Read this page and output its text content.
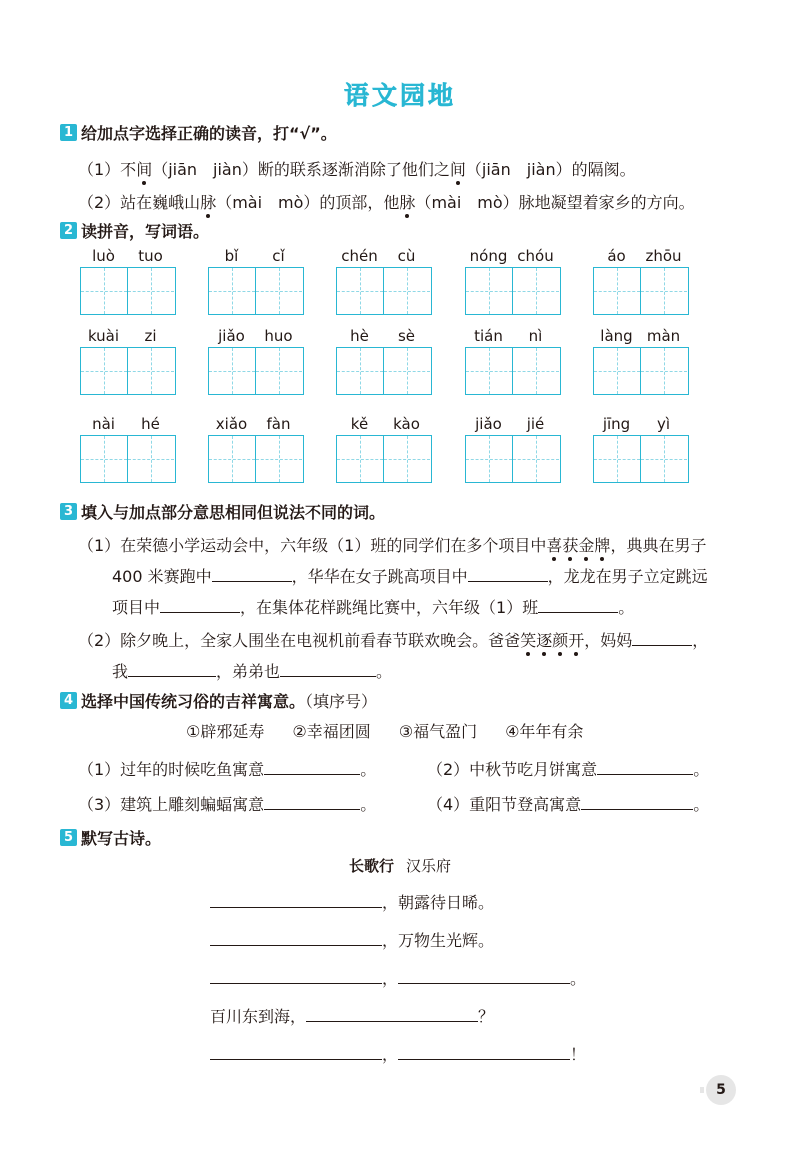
语文园地
1 给加点字选择正确的读音，打“√”。
（1）不间（jiān　jiàn）断的联系逐渐消除了他们之间（jiān　jiàn）的隔阂。
（2）站在巍峨山脉（mài　mò）的顶部，他脉（mài　mò）脉地凝望着家乡的方向。
2 读拼音，写词语。
luò	tuo	bǐ	cǐ	chén	cù	nóng chóu	áo	zhōu
kuài	zi	jiǎo	huo	hè	sè	tián	nì	làng màn
nài	hé	xiǎo	fàn	kě	kào	jiǎo	jié	jīng	yì
3 填入与加点部分意思相同但说法不同的词。
（1）在荣德小学运动会中，六年级（1）班的同学们在多个项目中喜获金牌，典典在男子
400 米赛跑中	，华华在女子跳高项目中	，龙龙在男子立定跳远
项目中	，在集体花样跳绳比赛中，六年级（1）班	。
（2）除夕晚上，全家人围坐在电视机前看春节联欢晚会。爸爸笑逐颜开，妈妈	，
我	，弟弟也	。
4 选择中国传统习俗的吉祥寓意。（填序号）
①辟邪延寿 ②幸福团圆 ③福气盈门 ④年年有余
（1）过年的时候吃鱼寓意	。	（2）中秋节吃月饼寓意	。
（3）建筑上雕刻蝙蝠寓意	。	（4）重阳节登高寓意	。
5 默写古诗。
长歌行 汉乐府
，朝露待日晞。
，万物生光辉。
，	。
百川东到海，	？
，	！
5
